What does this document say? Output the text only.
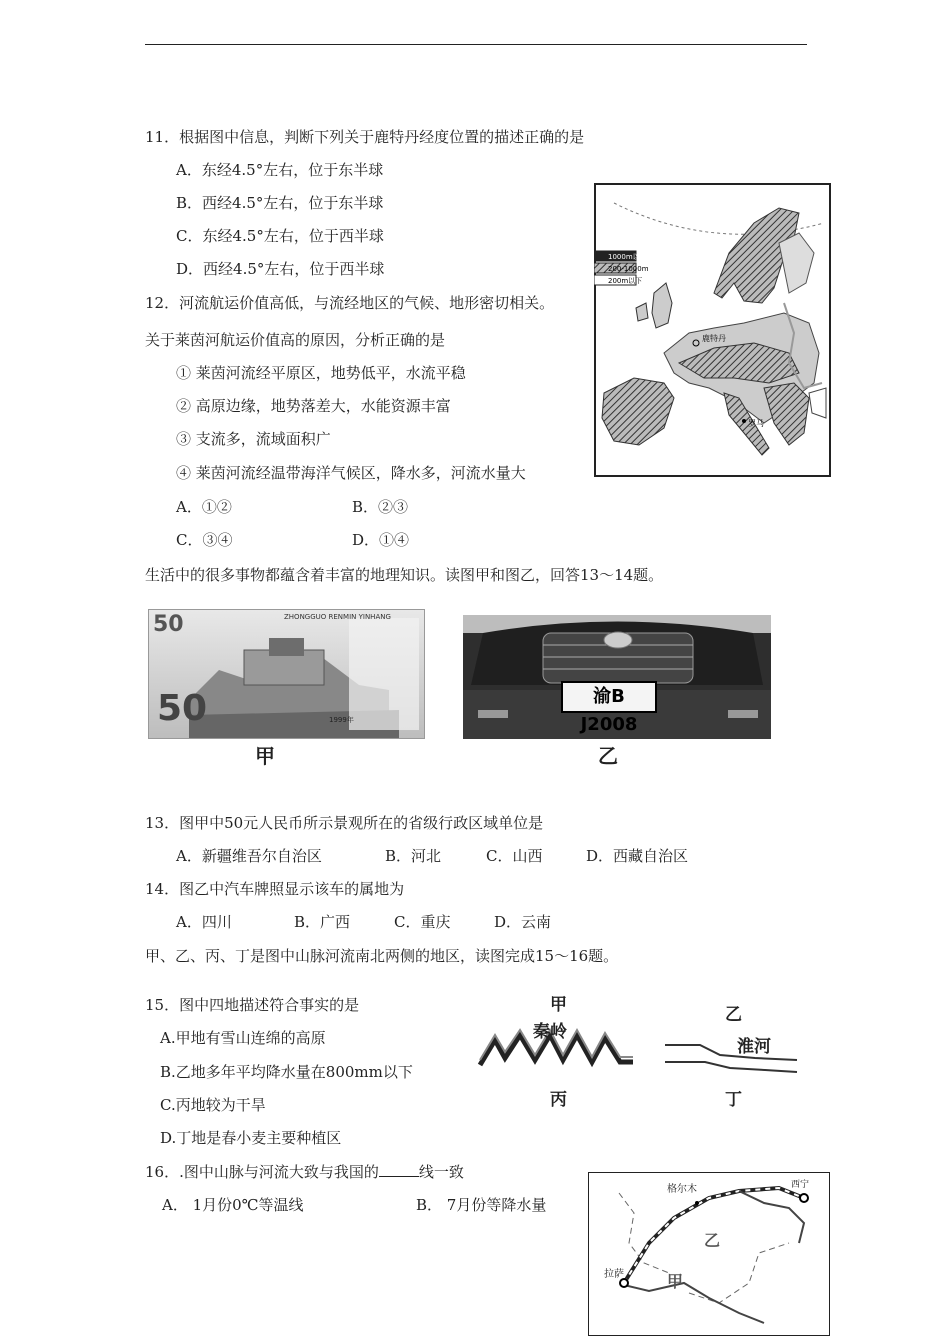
11．根据图中信息，判断下列关于鹿特丹经度位置的描述正确的是
A．东经4.5°左右，位于东半球
B．西经4.5°左右，位于东半球
C．东经4.5°左右，位于西半球
D．西经4.5°左右，位于西半球
1000m以上
200-1000m
200m以下
鹿特丹
罗马
12．河流航运价值高低，与流经地区的气候、地形密切相关。
关于莱茵河航运价值高的原因，分析正确的是
① 莱茵河流经平原区，地势低平，水流平稳
② 高原边缘，地势落差大，水能资源丰富
③ 支流多，流域面积广
④ 莱茵河流经温带海洋气候区，降水多，河流水量大
A．①②	B．②③
C．③④	D．①④
生活中的很多事物都蕴含着丰富的地理知识。读图甲和图乙，回答13～14题。
50	ZHONGGUO RENMIN YINHANG
50	1999年
甲
渝B J2008
乙
13．图甲中50元人民币所示景观所在的省级行政区域单位是
A．新疆维吾尔自治区	B．河北	C．山西	D．西藏自治区
14．图乙中汽车牌照显示该车的属地为
A．四川	B．广西	C．重庆	D．云南
甲、乙、丙、丁是图中山脉河流南北两侧的地区，读图完成15～16题。
15．图中四地描述符合事实的是
A.甲地有雪山连绵的高原
B.乙地多年平均降水量在800mm以下
C.丙地较为干旱
D.丁地是春小麦主要种植区
甲
秦岭
丙
乙
淮河
丁
16．.图中山脉与河流大致与我国的	线一致
A． 1月份0℃等温线	B． 7月份等降水量
格尔木	西宁
拉萨
乙
甲
